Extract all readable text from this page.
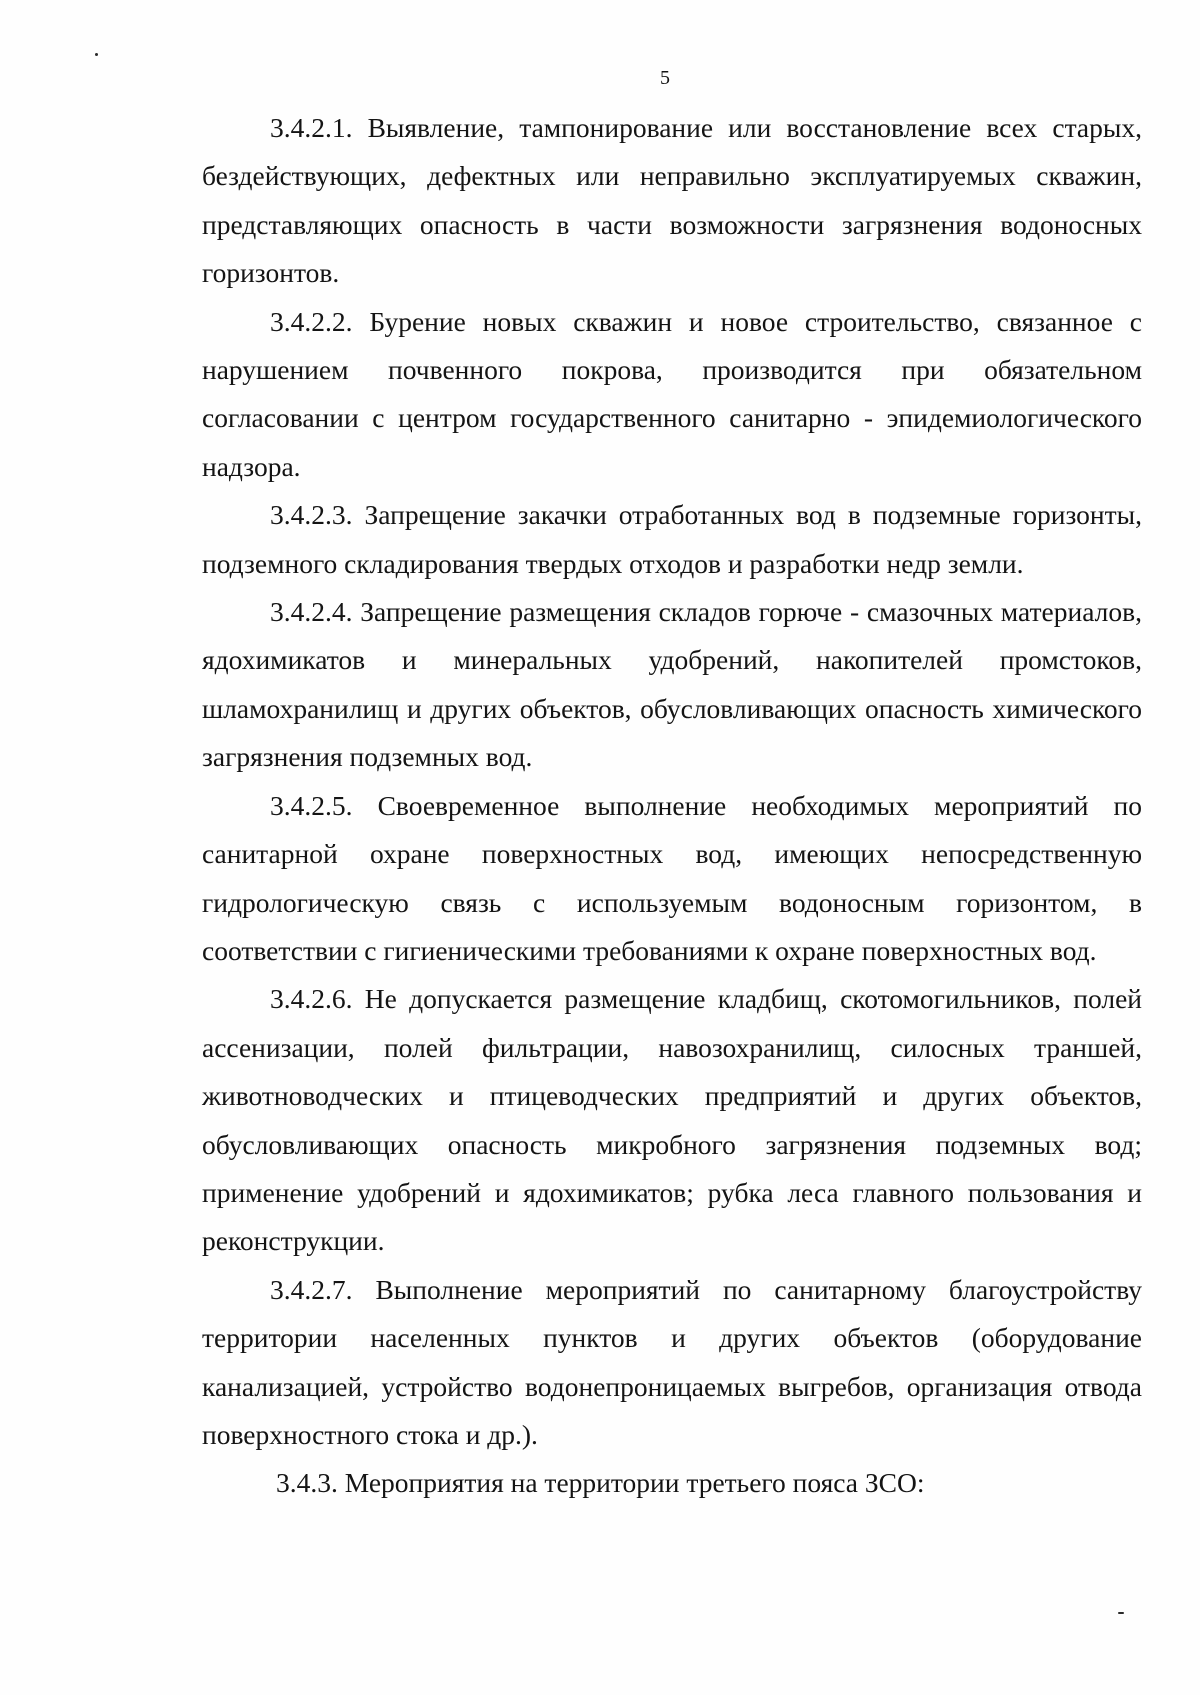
5

3.4.2.1. Выявление, тампонирование или восстановление всех старых, бездействующих, дефектных или неправильно эксплуатируемых скважин, представляющих опасность в части возможности загрязнения водоносных горизонтов.

3.4.2.2. Бурение новых скважин и новое строительство, связанное с нарушением почвенного покрова, производится при обязательном согласовании с центром государственного санитарно - эпидемиологического надзора.

3.4.2.3. Запрещение закачки отработанных вод в подземные горизонты, подземного складирования твердых отходов и разработки недр земли.

3.4.2.4. Запрещение размещения складов горюче - смазочных материалов, ядохимикатов и минеральных удобрений, накопителей промстоков, шламохранилищ и других объектов, обусловливающих опасность химического загрязнения подземных вод.

3.4.2.5. Своевременное выполнение необходимых мероприятий по санитарной охране поверхностных вод, имеющих непосредственную гидрологическую связь с используемым водоносным горизонтом, в соответствии с гигиеническими требованиями к охране поверхностных вод.

3.4.2.6. Не допускается размещение кладбищ, скотомогильников, полей ассенизации, полей фильтрации, навозохранилищ, силосных траншей, животноводческих и птицеводческих предприятий и других объектов, обусловливающих опасность микробного загрязнения подземных вод; применение удобрений и ядохимикатов; рубка леса главного пользования и реконструкции.

3.4.2.7. Выполнение мероприятий по санитарному благоустройству территории населенных пунктов и других объектов (оборудование канализацией, устройство водонепроницаемых выгребов, организация отвода поверхностного стока и др.).

3.4.3. Мероприятия на территории третьего пояса ЗСО:
